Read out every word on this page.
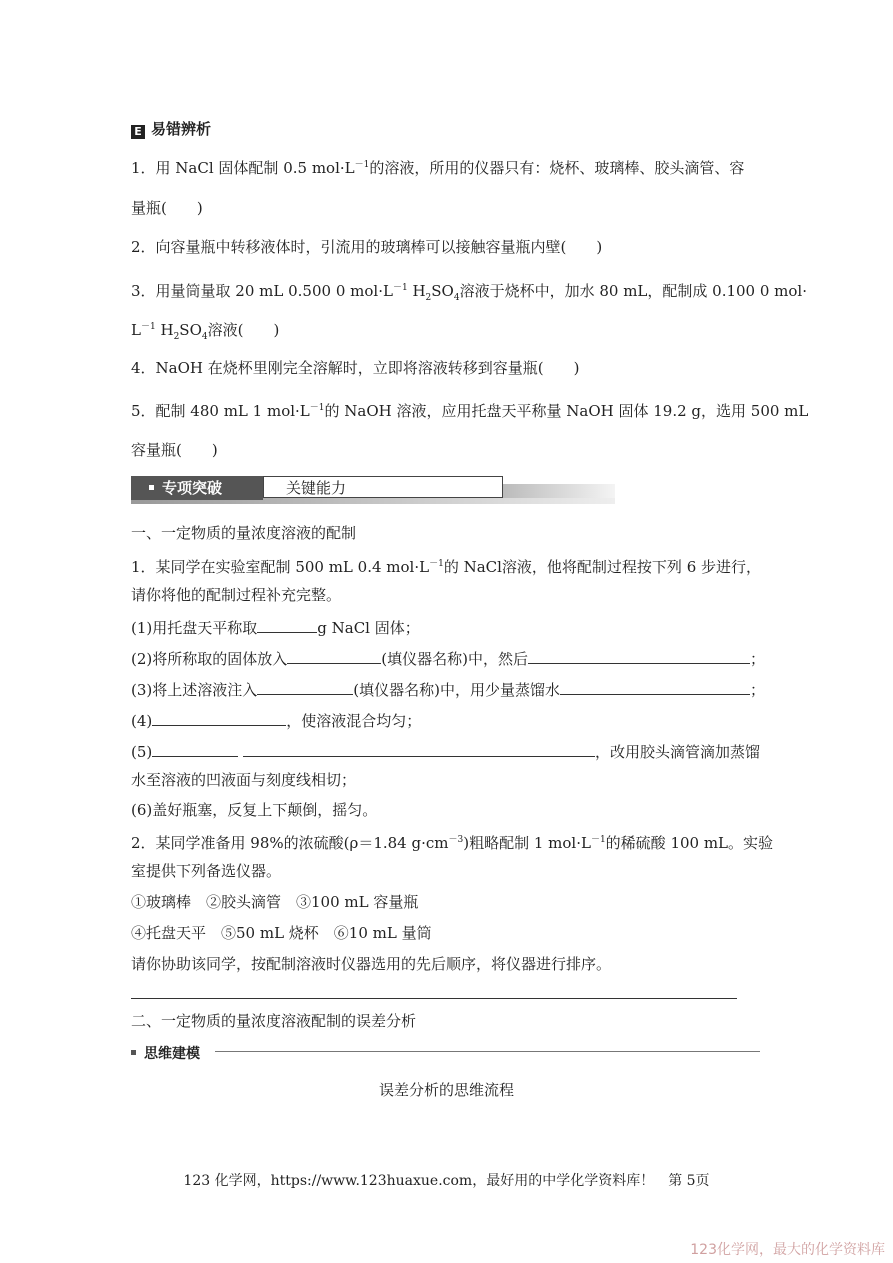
E 易错辨析
1．用 NaCl 固体配制 0.5 $mol\cdot L^{-1}$的溶液，所用的仪器只有：烧杯、玻璃棒、胶头滴管、容
量瓶(　　)
2．向容量瓶中转移液体时，引流用的玻璃棒可以接触容量瓶内壁(　　)
3．用量筒量取 20 mL 0.500 0 $mol\cdot L^{-1}$ $H_2SO_4$溶液于烧杯中，加水 80 mL，配制成 0.100 0 mol·
$L^{-1}$ $H_2SO_4$溶液(　　)
4．NaOH 在烧杯里刚完全溶解时，立即将溶液转移到容量瓶(　　)
5．配制 480 mL 1 $mol\cdot L^{-1}$的 NaOH 溶液，应用托盘天平称量 NaOH 固体 19.2 g，选用 500 mL
容量瓶(　　)
专项突破	关键能力
一、一定物质的量浓度溶液的配制
1．某同学在实验室配制 500 mL 0.4 $mol\cdot L^{-1}$的 NaCl溶液，他将配制过程按下列 6 步进行，
请你将他的配制过程补充完整。
(1)用托盘天平称取	g NaCl 固体；
(2)将所称取的固体放入	(填仪器名称)中，然后	；
(3)将上述溶液注入	(填仪器名称)中，用少量蒸馏水	；
(4)	，使溶液混合均匀；
(5)	，改用胶头滴管滴加蒸馏
水至溶液的凹液面与刻度线相切；
(6)盖好瓶塞，反复上下颠倒，摇匀。
2．某同学准备用 98%的浓硫酸(ρ＝1.84 $g\cdot cm^{-3}$)粗略配制 1 $mol\cdot L^{-1}$的稀硫酸 100 mL。实验
室提供下列备选仪器。
①玻璃棒　②胶头滴管　③100 mL 容量瓶
④托盘天平　⑤50 mL 烧杯　⑥10 mL 量筒
请你协助该同学，按配制溶液时仪器选用的先后顺序，将仪器进行排序。
二、一定物质的量浓度溶液配制的误差分析
思维建模
误差分析的思维流程
123 化学网，https://www.123huaxue.com，最好用的中学化学资料库！　第 5页
123化学网，最大的化学资料库
